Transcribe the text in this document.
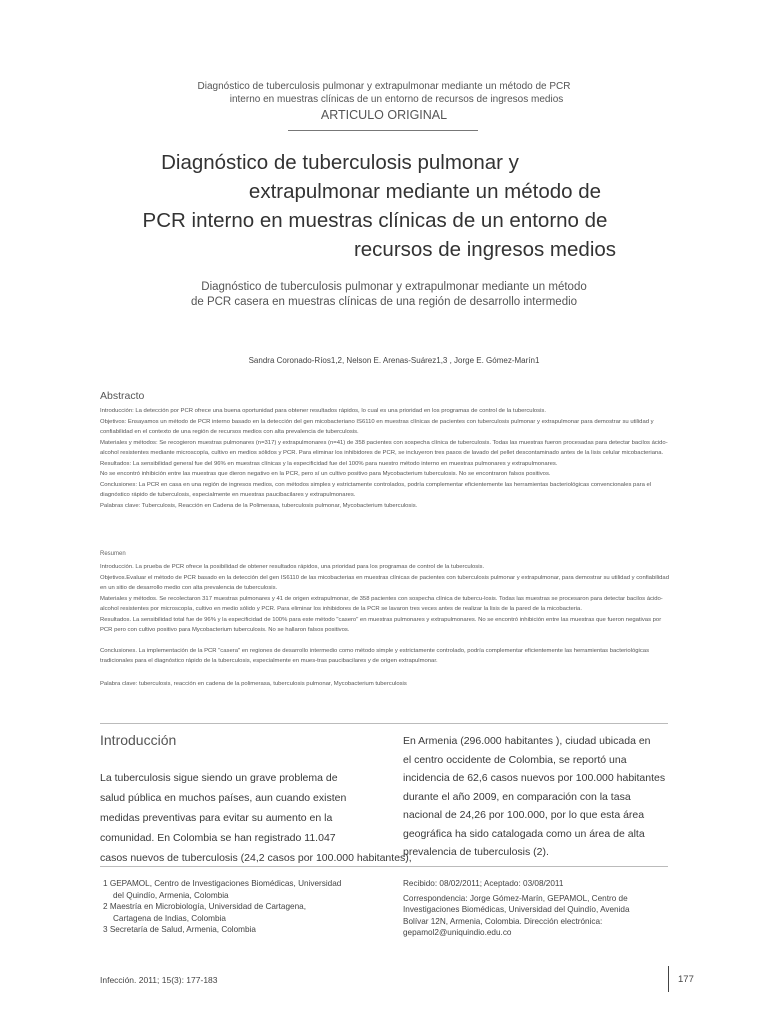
Diagnóstico de tuberculosis pulmonar y extrapulmonar mediante un método de PCR
interno en muestras clínicas de un entorno de recursos de ingresos medios
ARTICULO ORIGINAL
Diagnóstico de tuberculosis pulmonar y
extrapulmonar mediante un método de
PCR interno en muestras clínicas de un entorno de
recursos de ingresos medios
Diagnóstico de tuberculosis pulmonar y extrapulmonar mediante un método
de PCR casera en muestras clínicas de una región de desarrollo intermedio
Sandra Coronado-Ríos1,2, Nelson E. Arenas-Suárez1,3 , Jorge E. Gómez-Marín1
Abstracto

Introducción: La detección por PCR ofrece una buena oportunidad para obtener resultados rápidos, lo cual es una prioridad en los programas de control de la tuberculosis.

Objetivos: Ensayamos un método de PCR interno basado en la detección del gen micobacteriano IS6110 en muestras clínicas de pacientes con tuberculosis pulmonar y extrapulmonar para demostrar su utilidad y confiabilidad en el contexto de una región de recursos medios con alta prevalencia de tuberculosis.

Materiales y métodos: Se recogieron muestras pulmonares (n=317) y extrapulmonares (n=41) de 358 pacientes con sospecha clínica de tuberculosis. Todas las muestras fueron procesadas para detectar bacilos ácido-alcohol resistentes mediante microscopía, cultivo en medios sólidos y PCR. Para eliminar los inhibidores de PCR, se incluyeron tres pasos de lavado del pellet descontaminado antes de la lisis celular micobacteriana.

Resultados: La sensibilidad general fue del 96% en muestras clínicas y la especificidad fue del 100% para nuestro método interno en muestras pulmonares y extrapulmonares.

No se encontró inhibición entre las muestras que dieron negativo en la PCR, pero sí un cultivo positivo para Mycobacterium tuberculosis. No se encontraron falsos positivos.

Conclusiones: La PCR en casa en una región de ingresos medios, con métodos simples y estrictamente controlados, podría complementar eficientemente las herramientas bacteriológicas convencionales para el diagnóstico rápido de tuberculosis, especialmente en muestras paucibacilares y extrapulmonares.

Palabras clave: Tuberculosis, Reacción en Cadena de la Polimerasa, tuberculosis pulmonar, Mycobacterium tuberculosis.

Resumen

Introducción. La prueba de PCR ofrece la posibilidad de obtener resultados rápidos, una prioridad para los programas de control de la tuberculosis.

Objetivos.Evaluar el método de PCR basado en la detección del gen IS6110 de las micobacterias en muestras clínicas de pacientes con tuberculosis pulmonar y extrapulmonar, para demostrar su utilidad y confiabilidad en un sitio de desarrollo medio con alta prevalencia de tuberculosis.

Materiales y métodos. Se recolectaron 317 muestras pulmonares y 41 de origen extrapulmonar, de 358 pacientes con sospecha clínica de tubercu-losis. Todas las muestras se procesaron para detectar bacilos ácido-alcohol resistentes por microscopía, cultivo en medio sólido y PCR. Para eliminar los inhibidores de la PCR se lavaron tres veces antes de realizar la lisis de la pared de la micobacteria.

Resultados. La sensibilidad total fue de 96% y la especificidad de 100% para este método "casero" en muestras pulmonares y extrapulmonares. No se encontró inhibición entre las muestras que fueron negativas por PCR pero con cultivo positivo para Mycobacterium tuberculosis. No se hallaron falsos positivos.

Conclusiones. La implementación de la PCR "casera" en regiones de desarrollo intermedio como método simple y estrictamente controlado, podría complementar eficientemente las herramientas bacteriológicas tradicionales para el diagnóstico rápido de la tuberculosis, especialmente en mues-tras paucibacilares y de origen extrapulmonar.

Palabra clave: tuberculosis, reacción en cadena de la polimerasa, tuberculosis pulmonar, Mycobacterium tuberculosis

Introducción
La tuberculosis sigue siendo un grave problema de
salud pública en muchos países, aun cuando existen
medidas preventivas para evitar su aumento en la
comunidad. En Colombia se han registrado 11.047
casos nuevos de tuberculosis (24,2 casos por 100.000 habitantes),
En Armenia (296.000 habitantes ), ciudad ubicada en
el centro occidente de Colombia, se reportó una
incidencia de 62,6 casos nuevos por 100.000 habitantes
durante el año 2009, en comparación con la tasa
nacional de 24,26 por 100.000, por lo que esta área
geográfica ha sido catalogada como un área de alta
prevalencia de tuberculosis (2).
1 GEPAMOL, Centro de Investigaciones Biomédicas, Universidad
del Quindío, Armenia, Colombia
2 Maestría en Microbiología, Universidad de Cartagena,
Cartagena de Indias, Colombia
3 Secretaría de Salud, Armenia, Colombia
Recibido: 08/02/2011; Aceptado: 03/08/2011
Correspondencia: Jorge Gómez-Marín, GEPAMOL, Centro de
Investigaciones Biomédicas, Universidad del Quindío, Avenida
Bolívar 12N, Armenia, Colombia. Dirección electrónica:
gepamol2@uniquindio.edu.co
Infección. 2011; 15(3): 177-183	177
